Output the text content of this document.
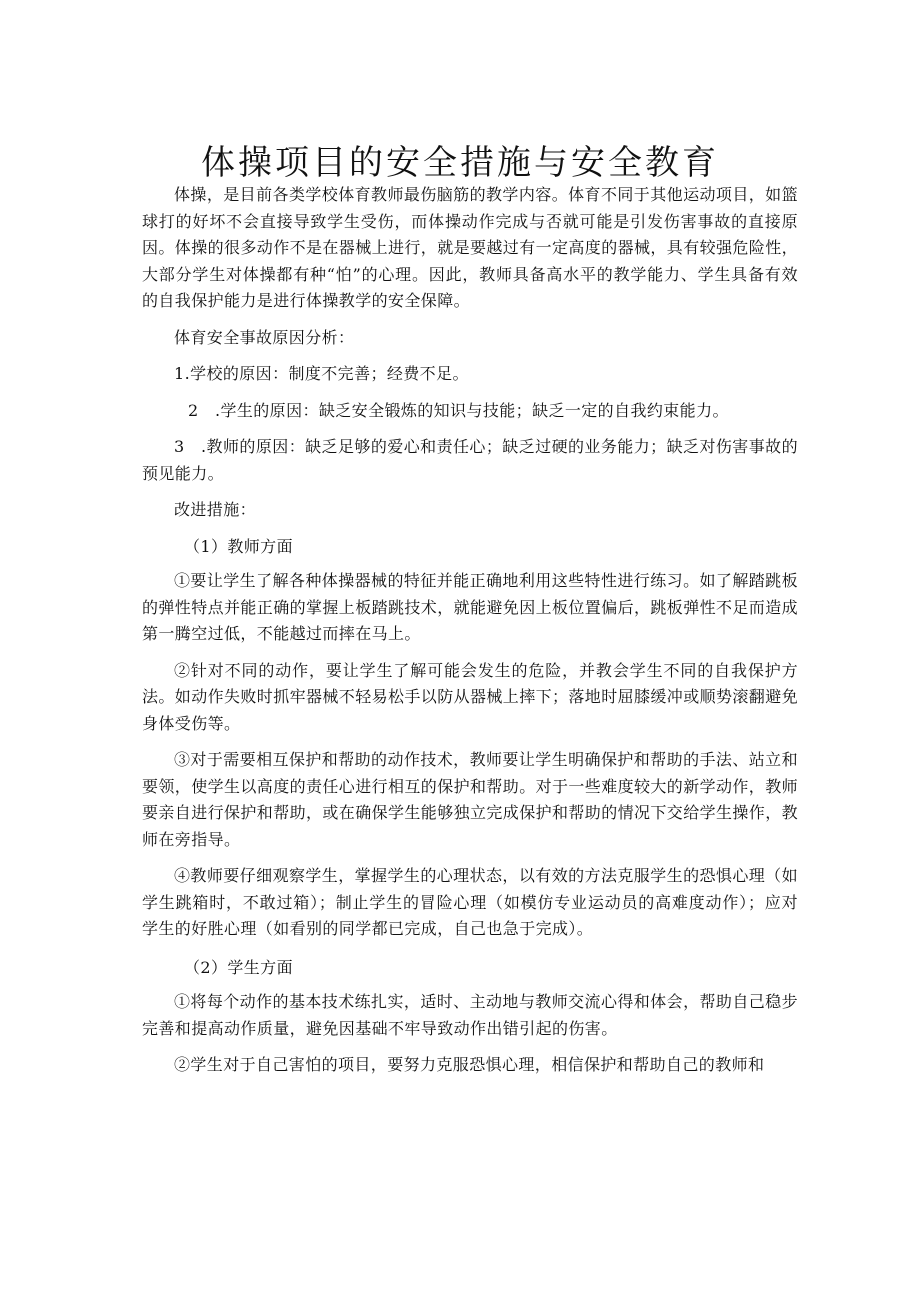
体操项目的安全措施与安全教育

体操，是目前各类学校体育教师最伤脑筋的教学内容。体育不同于其他运动项目，如篮球打的好坏不会直接导致学生受伤，而体操动作完成与否就可能是引发伤害事故的直接原因。体操的很多动作不是在器械上进行，就是要越过有一定高度的器械，具有较强危险性，大部分学生对体操都有种“怕”的心理。因此，教师具备高水平的教学能力、学生具备有效的自我保护能力是进行体操教学的安全保障。

体育安全事故原因分析：

1.学校的原因：制度不完善；经费不足。

2　.学生的原因：缺乏安全锻炼的知识与技能；缺乏一定的自我约束能力。

3　.教师的原因：缺乏足够的爱心和责任心；缺乏过硬的业务能力；缺乏对伤害事故的预见能力。

改进措施：

（1）教师方面

①要让学生了解各种体操器械的特征并能正确地利用这些特性进行练习。如了解踏跳板的弹性特点并能正确的掌握上板踏跳技术，就能避免因上板位置偏后，跳板弹性不足而造成第一腾空过低，不能越过而摔在马上。

②针对不同的动作，要让学生了解可能会发生的危险，并教会学生不同的自我保护方法。如动作失败时抓牢器械不轻易松手以防从器械上摔下；落地时屈膝缓冲或顺势滚翻避免身体受伤等。

③对于需要相互保护和帮助的动作技术，教师要让学生明确保护和帮助的手法、站立和要领，使学生以高度的责任心进行相互的保护和帮助。对于一些难度较大的新学动作，教师要亲自进行保护和帮助，或在确保学生能够独立完成保护和帮助的情况下交给学生操作，教师在旁指导。

④教师要仔细观察学生，掌握学生的心理状态，以有效的方法克服学生的恐惧心理（如学生跳箱时，不敢过箱）；制止学生的冒险心理（如模仿专业运动员的高难度动作）；应对学生的好胜心理（如看别的同学都已完成，自己也急于完成）。

（2）学生方面

①将每个动作的基本技术练扎实，适时、主动地与教师交流心得和体会，帮助自己稳步完善和提高动作质量，避免因基础不牢导致动作出错引起的伤害。

②学生对于自己害怕的项目，要努力克服恐惧心理，相信保护和帮助自己的教师和
